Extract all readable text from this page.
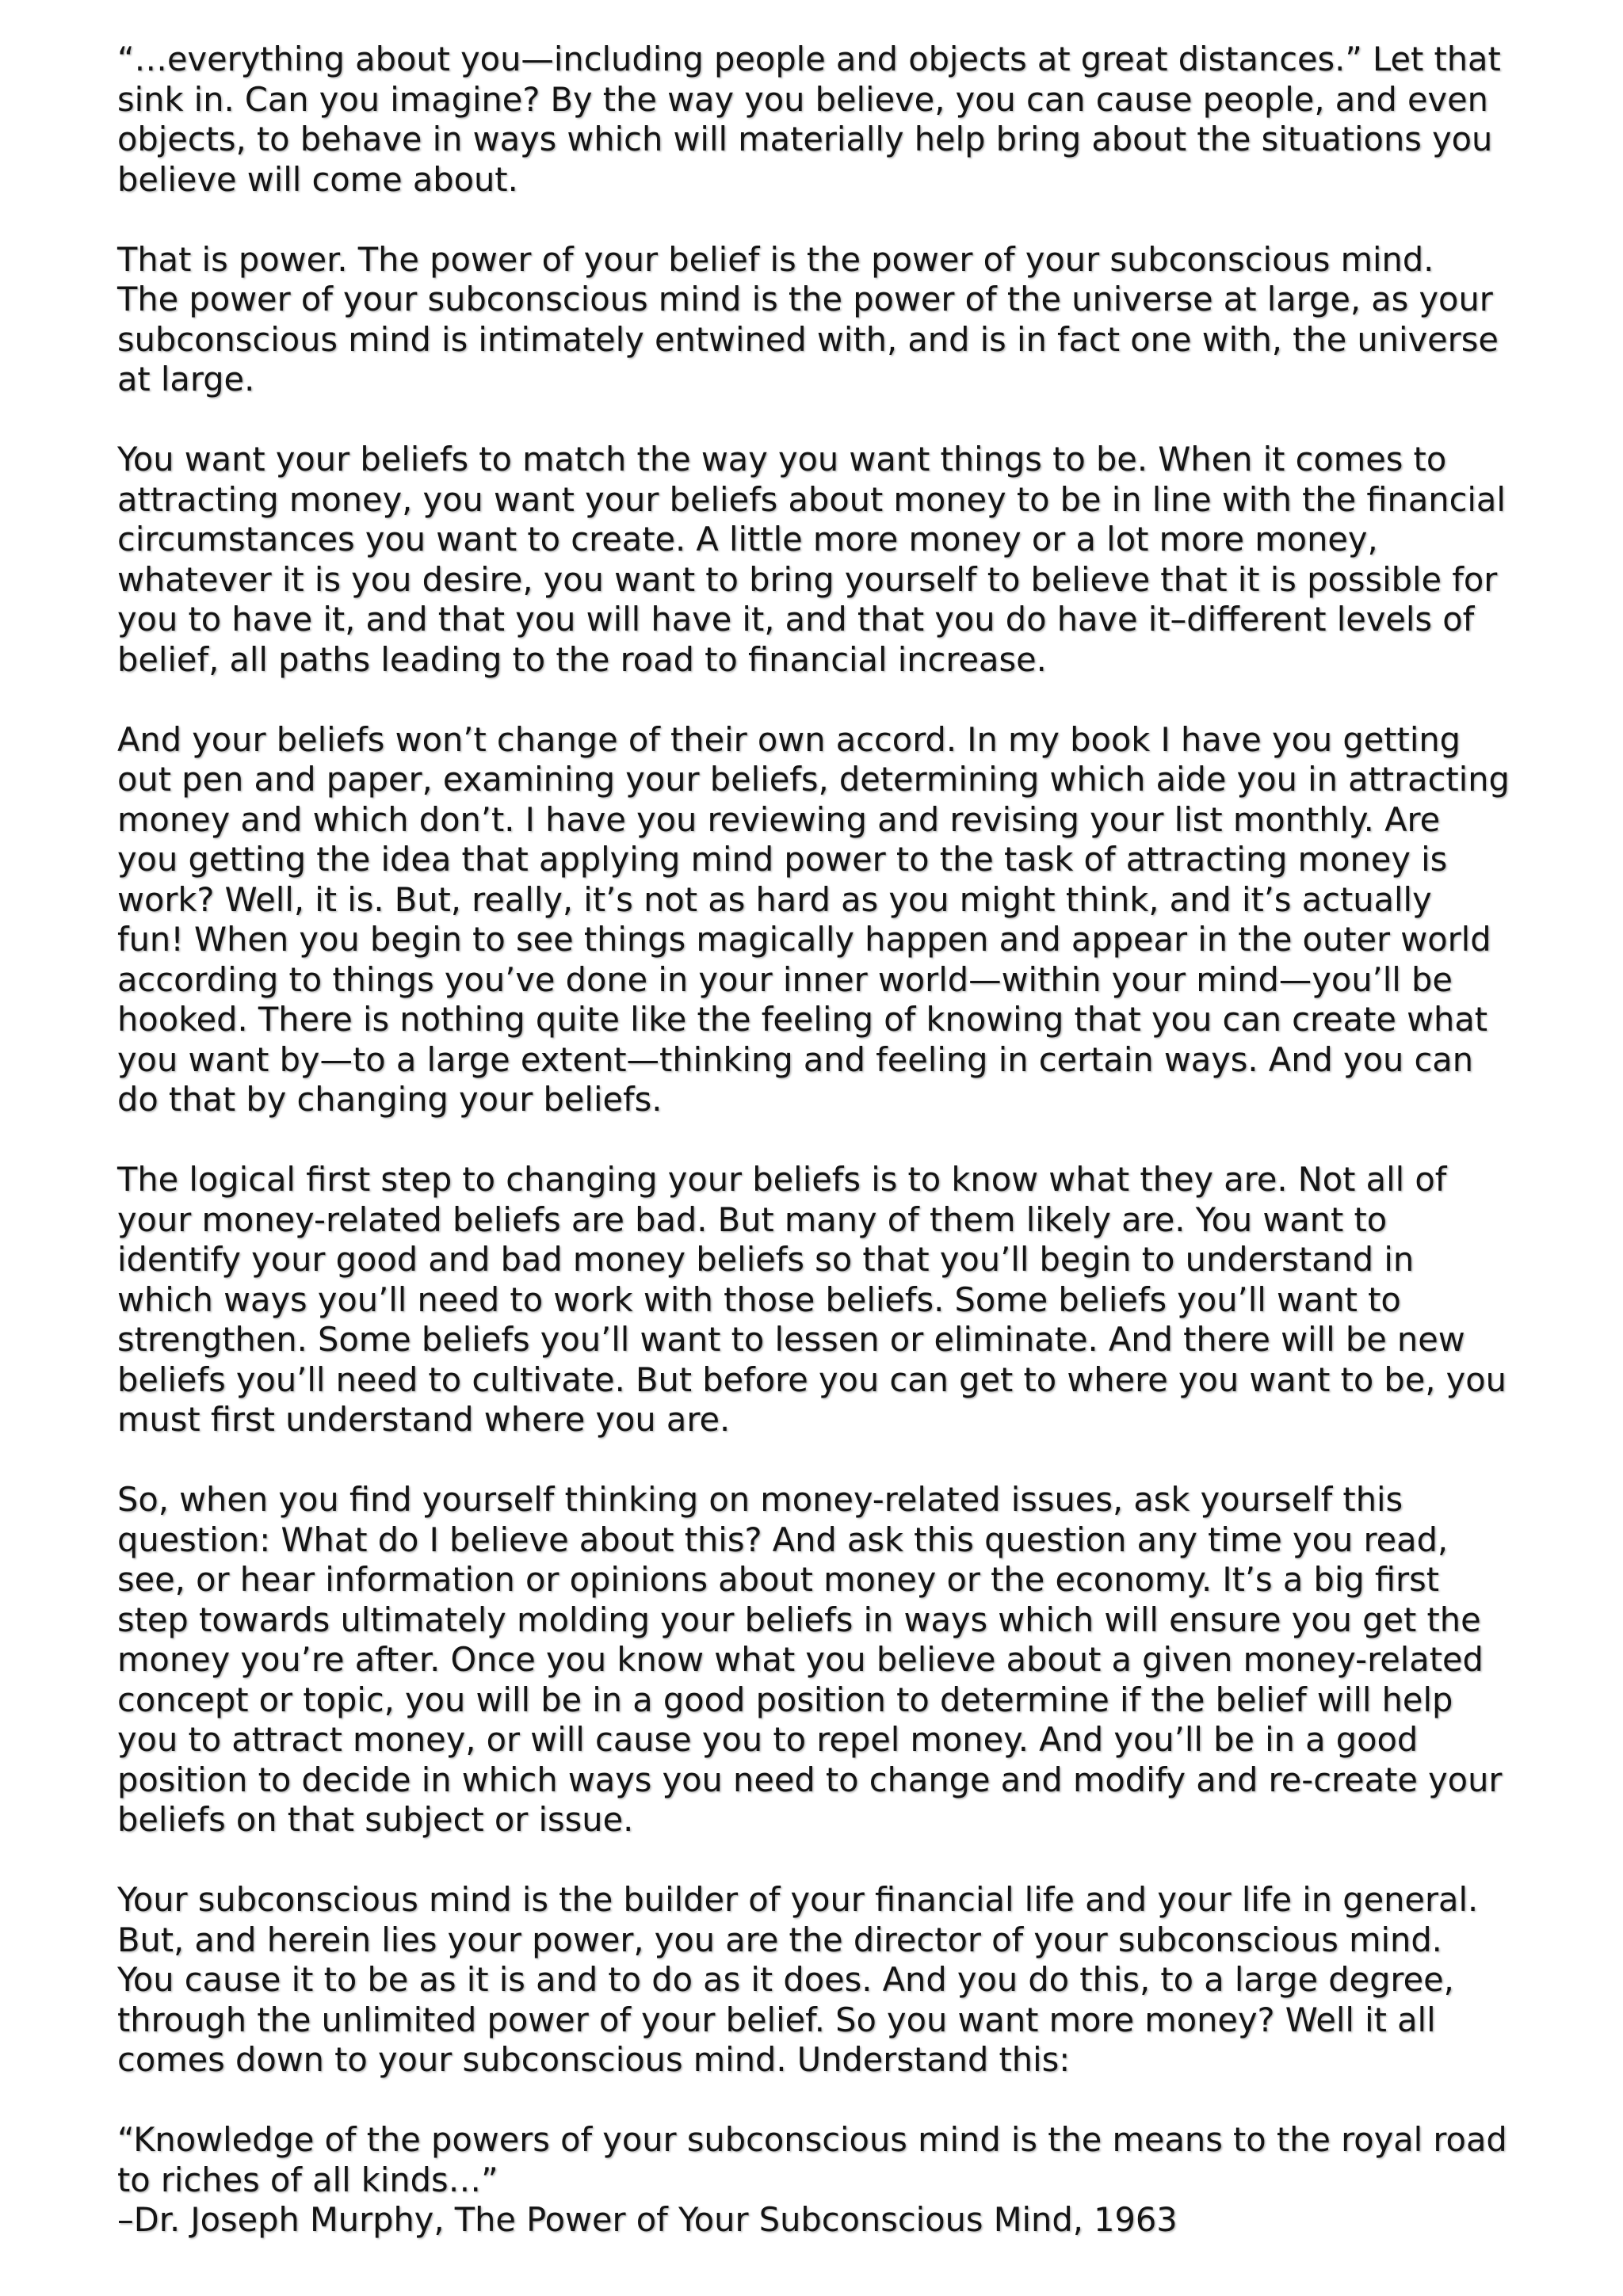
“…everything about you—including people and objects at great distances.” Let that
sink in. Can you imagine? By the way you believe, you can cause people, and even
objects, to behave in ways which will materially help bring about the situations you
believe will come about.

That is power. The power of your belief is the power of your subconscious mind.
The power of your subconscious mind is the power of the universe at large, as your
subconscious mind is intimately entwined with, and is in fact one with, the universe
at large.

You want your beliefs to match the way you want things to be. When it comes to
attracting money, you want your beliefs about money to be in line with the financial
circumstances you want to create. A little more money or a lot more money,
whatever it is you desire, you want to bring yourself to believe that it is possible for
you to have it, and that you will have it, and that you do have it–different levels of
belief, all paths leading to the road to financial increase.

And your beliefs won’t change of their own accord. In my book I have you getting
out pen and paper, examining your beliefs, determining which aide you in attracting
money and which don’t. I have you reviewing and revising your list monthly. Are
you getting the idea that applying mind power to the task of attracting money is
work? Well, it is. But, really, it’s not as hard as you might think, and it’s actually
fun! When you begin to see things magically happen and appear in the outer world
according to things you’ve done in your inner world—within your mind—you’ll be
hooked. There is nothing quite like the feeling of knowing that you can create what
you want by—to a large extent—thinking and feeling in certain ways. And you can
do that by changing your beliefs.

The logical first step to changing your beliefs is to know what they are. Not all of
your money-related beliefs are bad. But many of them likely are. You want to
identify your good and bad money beliefs so that you’ll begin to understand in
which ways you’ll need to work with those beliefs. Some beliefs you’ll want to
strengthen. Some beliefs you’ll want to lessen or eliminate. And there will be new
beliefs you’ll need to cultivate. But before you can get to where you want to be, you
must first understand where you are.

So, when you find yourself thinking on money-related issues, ask yourself this
question: What do I believe about this? And ask this question any time you read,
see, or hear information or opinions about money or the economy. It’s a big first
step towards ultimately molding your beliefs in ways which will ensure you get the
money you’re after. Once you know what you believe about a given money-related
concept or topic, you will be in a good position to determine if the belief will help
you to attract money, or will cause you to repel money. And you’ll be in a good
position to decide in which ways you need to change and modify and re-create your
beliefs on that subject or issue.

Your subconscious mind is the builder of your financial life and your life in general.
But, and herein lies your power, you are the director of your subconscious mind.
You cause it to be as it is and to do as it does. And you do this, to a large degree,
through the unlimited power of your belief. So you want more money? Well it all
comes down to your subconscious mind. Understand this:

“Knowledge of the powers of your subconscious mind is the means to the royal road
to riches of all kinds…”
–Dr. Joseph Murphy, The Power of Your Subconscious Mind, 1963
